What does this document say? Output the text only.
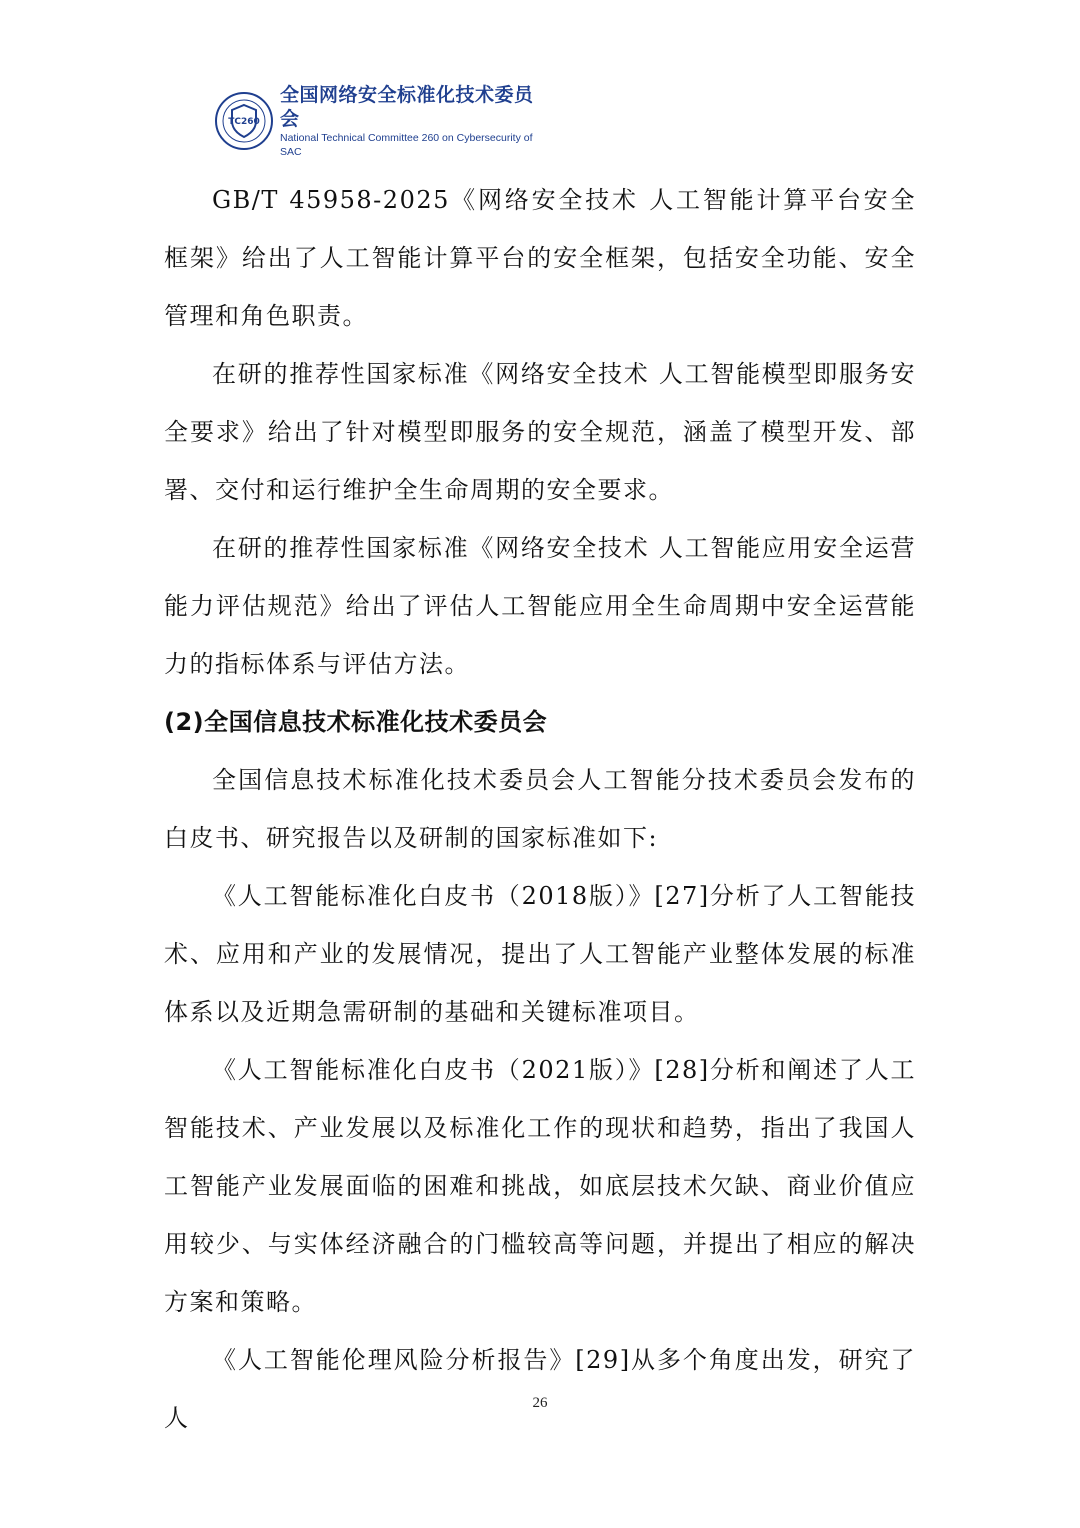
TC260
全国网络安全标准化技术委员会
National Technical Committee 260 on Cybersecurity of SAC

GB/T 45958-2025《网络安全技术 人工智能计算平台安全框架》给出了人工智能计算平台的安全框架，包括安全功能、安全管理和角色职责。

在研的推荐性国家标准《网络安全技术 人工智能模型即服务安全要求》给出了针对模型即服务的安全规范，涵盖了模型开发、部署、交付和运行维护全生命周期的安全要求。

在研的推荐性国家标准《网络安全技术 人工智能应用安全运营能力评估规范》给出了评估人工智能应用全生命周期中安全运营能力的指标体系与评估方法。

(2)全国信息技术标准化技术委员会

全国信息技术标准化技术委员会人工智能分技术委员会发布的白皮书、研究报告以及研制的国家标准如下:

《人工智能标准化白皮书（2018版）》[27]分析了人工智能技术、应用和产业的发展情况，提出了人工智能产业整体发展的标准体系以及近期急需研制的基础和关键标准项目。

《人工智能标准化白皮书（2021版）》[28]分析和阐述了人工智能技术、产业发展以及标准化工作的现状和趋势，指出了我国人工智能产业发展面临的困难和挑战，如底层技术欠缺、商业价值应用较少、与实体经济融合的门槛较高等问题，并提出了相应的解决方案和策略。

《人工智能伦理风险分析报告》[29]从多个角度出发，研究了人

26
